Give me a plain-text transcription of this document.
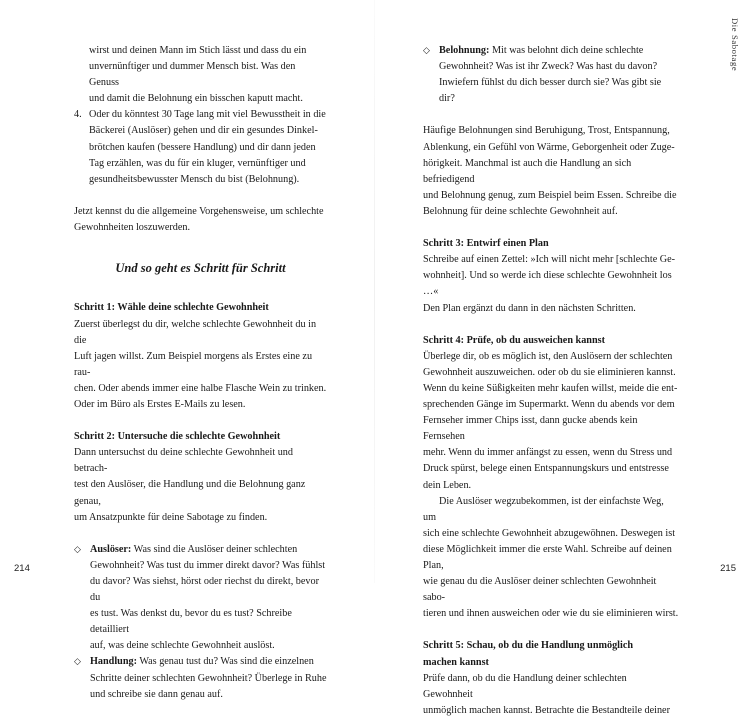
wirst und deinen Mann im Stich lässt und dass du ein
unvernünftiger und dummer Mensch bist. Was den Genuss
und damit die Belohnung ein bisschen kaputt macht.
4. Oder du könntest 30 Tage lang mit viel Bewusstheit in die
Bäckerei (Auslöser) gehen und dir ein gesundes Dinkel-
brötchen kaufen (bessere Handlung) und dir dann jeden
Tag erzählen, was du für ein kluger, vernünftiger und
gesundheitsbewusster Mensch du bist (Belohnung).
Jetzt kennst du die allgemeine Vorgehensweise, um schlechte
Gewohnheiten loszuwerden.
Und so geht es Schritt für Schritt
Schritt 1: Wähle deine schlechte Gewohnheit
Zuerst überlegst du dir, welche schlechte Gewohnheit du in die
Luft jagen willst. Zum Beispiel morgens als Erstes eine zu rau-
chen. Oder abends immer eine halbe Flasche Wein zu trinken.
Oder im Büro als Erstes E-Mails zu lesen.
Schritt 2: Untersuche die schlechte Gewohnheit
Dann untersuchst du deine schlechte Gewohnheit und betrach-
test den Auslöser, die Handlung und die Belohnung ganz genau,
um Ansatzpunkte für deine Sabotage zu finden.
◇ Auslöser: Was sind die Auslöser deiner schlechten
Gewohnheit? Was tust du immer direkt davor? Was fühlst
du davor? Was siehst, hörst oder riechst du direkt, bevor du
es tust. Was denkst du, bevor du es tust? Schreibe detailliert
auf, was deine schlechte Gewohnheit auslöst.
◇ Handlung: Was genau tust du? Was sind die einzelnen
Schritte deiner schlechten Gewohnheit? Überlege in Ruhe
und schreibe sie dann genau auf.
214
Die Sabotage
◇ Belohnung: Mit was belohnt dich deine schlechte
Gewohnheit? Was ist ihr Zweck? Was hast du davon?
Inwiefern fühlst du dich besser durch sie? Was gibt sie dir?
Häufige Belohnungen sind Beruhigung, Trost, Entspannung,
Ablenkung, ein Gefühl von Wärme, Geborgenheit oder Zuge-
hörigkeit. Manchmal ist auch die Handlung an sich befriedigend
und Belohnung genug, zum Beispiel beim Essen. Schreibe die
Belohnung für deine schlechte Gewohnheit auf.
Schritt 3: Entwirf einen Plan
Schreibe auf einen Zettel: »Ich will nicht mehr [schlechte Ge-
wohnheit]. Und so werde ich diese schlechte Gewohnheit los …«
Den Plan ergänzt du dann in den nächsten Schritten.
Schritt 4: Prüfe, ob du ausweichen kannst
Überlege dir, ob es möglich ist, den Auslösern der schlechten
Gewohnheit auszuweichen. oder ob du sie eliminieren kannst.
Wenn du keine Süßigkeiten mehr kaufen willst, meide die ent-
sprechenden Gänge im Supermarkt. Wenn du abends vor dem
Fernseher immer Chips isst, dann gucke abends kein Fernsehen
mehr. Wenn du immer anfängst zu essen, wenn du Stress und
Druck spürst, belege einen Entspannungskurs und entstresse
dein Leben.
Die Auslöser wegzubekommen, ist der einfachste Weg, um
sich eine schlechte Gewohnheit abzugewöhnen. Deswegen ist
diese Möglichkeit immer die erste Wahl. Schreibe auf deinen Plan,
wie genau du die Auslöser deiner schlechten Gewohnheit sabo-
tieren und ihnen ausweichen oder wie du sie eliminieren wirst.
Schritt 5: Schau, ob du die Handlung unmöglich
machen kannst
Prüfe dann, ob du die Handlung deiner schlechten Gewohnheit
unmöglich machen kannst. Betrachte die Bestandteile deiner
215
